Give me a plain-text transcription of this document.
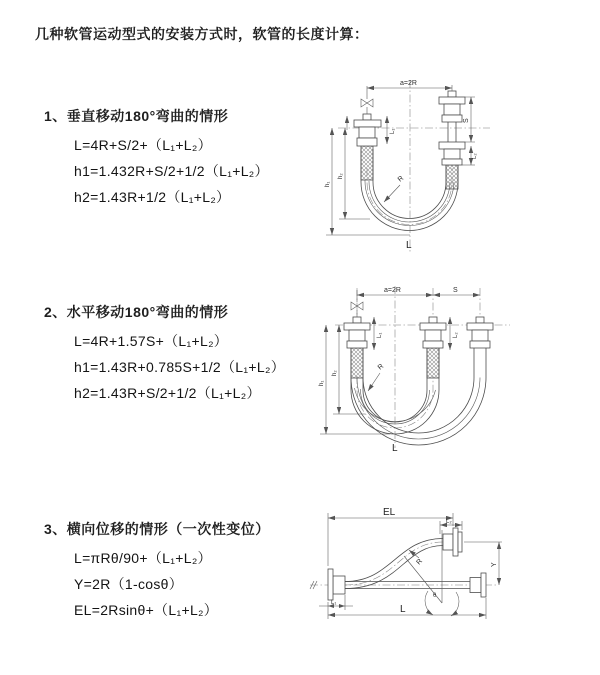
几种软管运动型式的安装方式时，软管的长度计算：
1、垂直移动180°弯曲的情形
L=4R+S/2+（L₁+L₂）
h1=1.432R+S/2+1/2（L₁+L₂）
h2=1.43R+1/2（L₁+L₂）
2、水平移动180°弯曲的情形
L=4R+1.57S+（L₁+L₂）
h1=1.43R+0.785S+1/2（L₁+L₂）
h2=1.43R+S/2+1/2（L₁+L₂）
3、横向位移的情形（一次性变位）
L=πRθ/90+（L₁+L₂）
Y=2R（1-cosθ）
EL=2Rsinθ+（L₁+L₂）
a=2R
S
L₂
L₁
h₁
h₂	R
L
a=2R	S
L₁	L₂
h₁
h₂
R
L
EL
L₂
Y
θ
R
L₁
L
